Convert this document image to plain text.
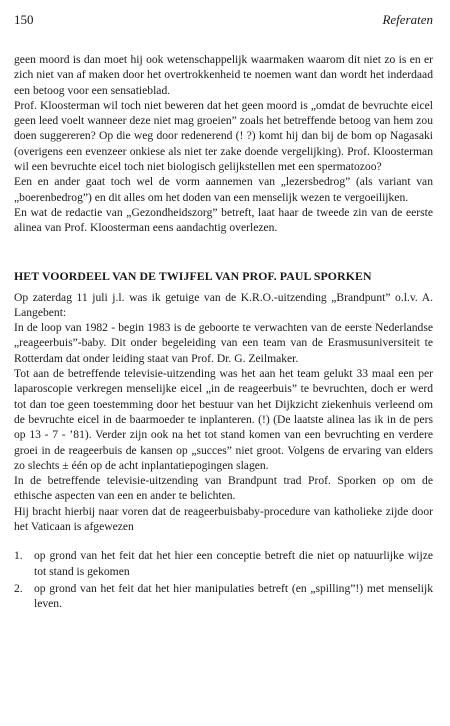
150	Referaten

geen moord is dan moet hij ook wetenschappelijk waarmaken waarom dit niet zo is en er zich niet van af maken door het overtrokkenheid te noemen want dan wordt het inderdaad een betoog voor een sensatieblad.

Prof. Kloosterman wil toch niet beweren dat het geen moord is „omdat de bevruchte eicel geen leed voelt wanneer deze niet mag groeien” zoals het betreffende betoog van hem zou doen suggereren? Op die weg door redenerend (! ?) komt hij dan bij de bom op Nagasaki (overigens een evenzeer onkiese als niet ter zake doende vergelijking). Prof. Kloosterman wil een bevruchte eicel toch niet biologisch gelijkstellen met een spermatozoo?

Een en ander gaat toch wel de vorm aannemen van „lezersbedrog” (als variant van „boerenbedrog”) en dit alles om het doden van een menselijk wezen te vergoeilijken.

En wat de redactie van „Gezondheidszorg” betreft, laat haar de tweede zin van de eerste alinea van Prof. Kloosterman eens aandachtig overlezen.

HET VOORDEEL VAN DE TWIJFEL VAN PROF. PAUL SPORKEN

Op zaterdag 11 juli j.l. was ik getuige van de K.R.O.-uitzending „Brandpunt” o.l.v. A. Langebent:

In de loop van 1982 - begin 1983 is de geboorte te verwachten van de eerste Nederlandse „reageerbuis”-baby. Dit onder begeleiding van een team van de Erasmusuniversiteit te Rotterdam dat onder leiding staat van Prof. Dr. G. Zeilmaker.

Tot aan de betreffende televisie-uitzending was het aan het team gelukt 33 maal een per laparoscopie verkregen menselijke eicel „in de reageerbuis” te bevruchten, doch er werd tot dan toe geen toestemming door het bestuur van het Dijkzicht ziekenhuis verleend om de bevruchte eicel in de baarmoeder te inplanteren. (!) (De laatste alinea las ik in de pers op 13 - 7 - ’81). Verder zijn ook na het tot stand komen van een bevruchting en verdere groei in de reageerbuis de kansen op „succes” niet groot. Volgens de ervaring van elders zo slechts ± één op de acht inplantatiepogingen slagen.

In de betreffende televisie-uitzending van Brandpunt trad Prof. Sporken op om de ethische aspecten van een en ander te belichten.

Hij bracht hierbij naar voren dat de reageerbuisbaby-procedure van katholieke zijde door het Vaticaan is afgewezen

1. op grond van het feit dat het hier een conceptie betreft die niet op natuurlijke wijze tot stand is gekomen
2. op grond van het feit dat het hier manipulaties betreft (en „spilling”!) met menselijk leven.
